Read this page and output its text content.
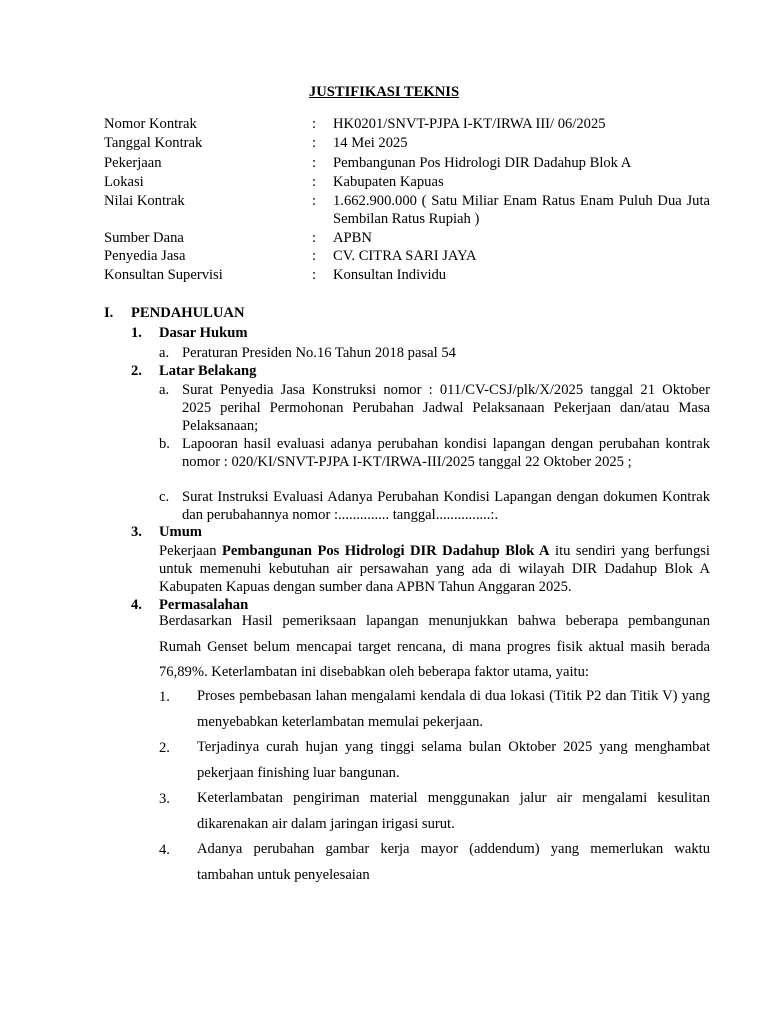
JUSTIFIKASI TEKNIS
Nomor Kontrak	: HK0201/SNVT-PJPA I-KT/IRWA III/ 06/2025
Tanggal Kontrak	: 14 Mei 2025
Pekerjaan	: Pembangunan Pos Hidrologi DIR Dadahup Blok A
Lokasi	: Kabupaten Kapuas
Nilai Kontrak	: 1.662.900.000 ( Satu Miliar Enam Ratus Enam Puluh Dua Juta Sembilan Ratus Rupiah )
Sumber Dana	: APBN
Penyedia Jasa	: CV. CITRA SARI JAYA
Konsultan Supervisi	: Konsultan Individu
I. PENDAHULUAN
1. Dasar Hukum
a. Peraturan Presiden No.16 Tahun 2018 pasal 54
2. Latar Belakang
a. Surat Penyedia Jasa Konstruksi nomor : 011/CV-CSJ/plk/X/2025 tanggal 21 Oktober 2025 perihal Permohonan Perubahan Jadwal Pelaksanaan Pekerjaan dan/atau Masa Pelaksanaan;
b. Lapooran hasil evaluasi adanya perubahan kondisi lapangan dengan perubahan kontrak nomor : 020/KI/SNVT-PJPA I-KT/IRWA-III/2025 tanggal 22 Oktober 2025 ;
c. Surat Instruksi Evaluasi Adanya Perubahan Kondisi Lapangan dengan dokumen Kontrak dan perubahannya nomor :.............. tanggal...............:.
3. Umum
Pekerjaan Pembangunan Pos Hidrologi DIR Dadahup Blok A itu sendiri yang berfungsi untuk memenuhi kebutuhan air persawahan yang ada di wilayah DIR Dadahup Blok A Kabupaten Kapuas dengan sumber dana APBN Tahun Anggaran 2025.
4. Permasalahan
Berdasarkan Hasil pemeriksaan lapangan menunjukkan bahwa beberapa pembangunan Rumah Genset belum mencapai target rencana, di mana progres fisik aktual masih berada 76,89%. Keterlambatan ini disebabkan oleh beberapa faktor utama, yaitu:
1. Proses pembebasan lahan mengalami kendala di dua lokasi (Titik P2 dan Titik V) yang menyebabkan keterlambatan memulai pekerjaan.
2. Terjadinya curah hujan yang tinggi selama bulan Oktober 2025 yang menghambat pekerjaan finishing luar bangunan.
3. Keterlambatan pengiriman material menggunakan jalur air mengalami kesulitan dikarenakan air dalam jaringan irigasi surut.
4. Adanya perubahan gambar kerja mayor (addendum) yang memerlukan waktu tambahan untuk penyelesaian
